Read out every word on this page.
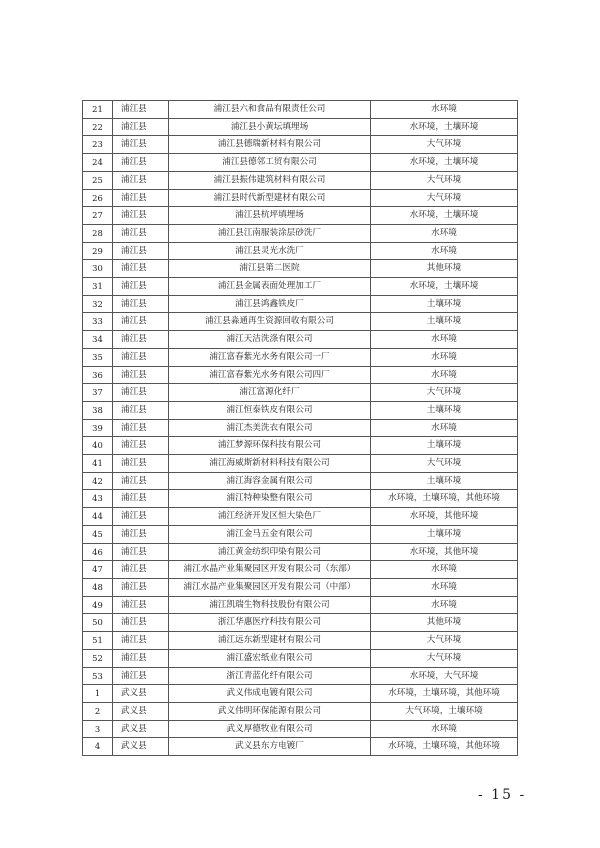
21	浦江县	浦江县六和食品有限责任公司	水环境
22	浦江县	浦江县小黄坛填埋场	水环境，土壤环境
23	浦江县	浦江县德瑞新材料有限公司	大气环境
24	浦江县	浦江县德邻工贸有限公司	水环境，土壤环境
25	浦江县	浦江县振伟建筑材料有限公司	大气环境
26	浦江县	浦江县时代新型建材有限公司	大气环境
27	浦江县	浦江县杭坪填埋场	水环境，土壤环境
28	浦江县	浦江县江南服装涂层砂洗厂	水环境
29	浦江县	浦江县灵光水洗厂	水环境
30	浦江县	浦江县第二医院	其他环境
31	浦江县	浦江县金属表面处理加工厂	水环境，土壤环境
32	浦江县	浦江县鸿鑫铁皮厂	土壤环境
33	浦江县	浦江县淼通再生资源回收有限公司	土壤环境
34	浦江县	浦江天洁洗涤有限公司	水环境
35	浦江县	浦江富春紫光水务有限公司一厂	水环境
36	浦江县	浦江富春紫光水务有限公司四厂	水环境
37	浦江县	浦江富源化纤厂	大气环境
38	浦江县	浦江恒泰铁皮有限公司	土壤环境
39	浦江县	浦江杰美洗衣有限公司	水环境
40	浦江县	浦江梦源环保科技有限公司	土壤环境
41	浦江县	浦江海威斯新材料科技有限公司	大气环境
42	浦江县	浦江海容金属有限公司	土壤环境
43	浦江县	浦江特种染整有限公司	水环境，土壤环境，其他环境
44	浦江县	浦江经济开发区恒大染色厂	水环境，其他环境
45	浦江县	浦江金马五金有限公司	土壤环境
46	浦江县	浦江黄金纺织印染有限公司	水环境，其他环境
47	浦江县	浦江水晶产业集聚园区开发有限公司（东部）	水环境
48	浦江县	浦江水晶产业集聚园区开发有限公司（中部）	水环境
49	浦江县	浦江凯瑞生物科技股份有限公司	水环境
50	浦江县	浙江华惠医疗科技有限公司	其他环境
51	浦江县	浦江远东新型建材有限公司	大气环境
52	浦江县	浦江盛宏纸业有限公司	大气环境
53	浦江县	浙江青蓝化纤有限公司	水环境，大气环境
1	武义县	武义伟成电镀有限公司	水环境，土壤环境，其他环境
2	武义县	武义伟明环保能源有限公司	大气环境，土壤环境
3	武义县	武义厚德牧业有限公司	水环境
4	武义县	武义县东方电镀厂	水环境，土壤环境，其他环境
- 15 -
